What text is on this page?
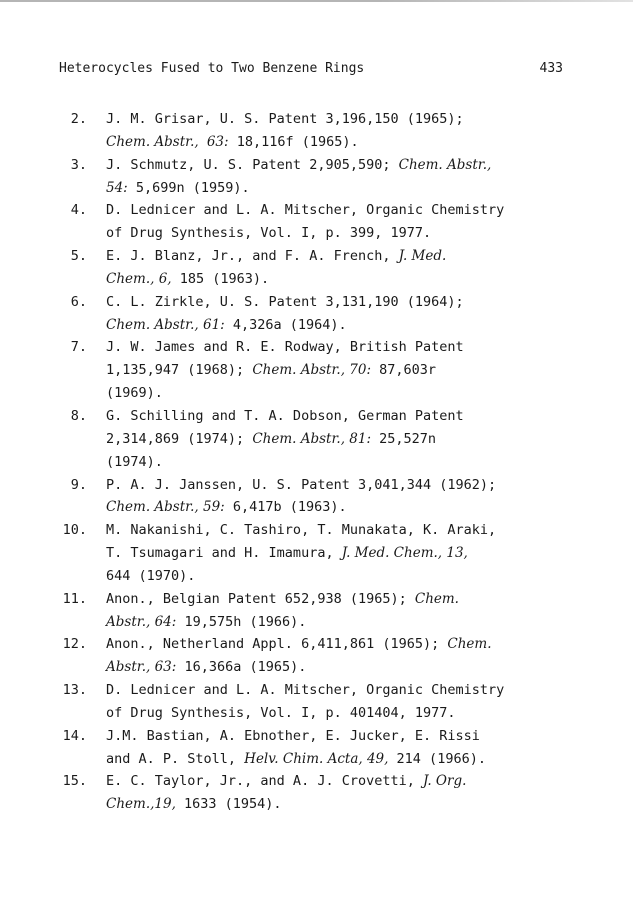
Heterocycles Fused to Two Benzene Rings	433
2. J. M. Grisar, U. S. Patent 3,196,150 (1965);
Chem. Abstr., 63: 18,116f (1965).
3. J. Schmutz, U. S. Patent 2,905,590; Chem. Abstr.,
54: 5,699n (1959).
4. D. Lednicer and L. A. Mitscher, Organic Chemistry
of Drug Synthesis, Vol. I, p. 399, 1977.
5. E. J. Blanz, Jr., and F. A. French, J. Med.
Chem., 6, 185 (1963).
6. C. L. Zirkle, U. S. Patent 3,131,190 (1964);
Chem. Abstr., 61: 4,326a (1964).
7. J. W. James and R. E. Rodway, British Patent
1,135,947 (1968); Chem. Abstr., 70: 87,603r
(1969).
8. G. Schilling and T. A. Dobson, German Patent
2,314,869 (1974); Chem. Abstr., 81: 25,527n
(1974).
9. P. A. J. Janssen, U. S. Patent 3,041,344 (1962);
Chem. Abstr., 59: 6,417b (1963).
10. M. Nakanishi, C. Tashiro, T. Munakata, K. Araki,
T. Tsumagari and H. Imamura, J. Med. Chem., 13,
644 (1970).
11. Anon., Belgian Patent 652,938 (1965); Chem.
Abstr., 64: 19,575h (1966).
12. Anon., Netherland Appl. 6,411,861 (1965); Chem.
Abstr., 63: 16,366a (1965).
13. D. Lednicer and L. A. Mitscher, Organic Chemistry
of Drug Synthesis, Vol. I, p. 401404, 1977.
14. J.M. Bastian, A. Ebnother, E. Jucker, E. Rissi
and A. P. Stoll, Helv. Chim. Acta, 49, 214 (1966).
15. E. C. Taylor, Jr., and A. J. Crovetti, J. Org.
Chem.,19, 1633 (1954).
